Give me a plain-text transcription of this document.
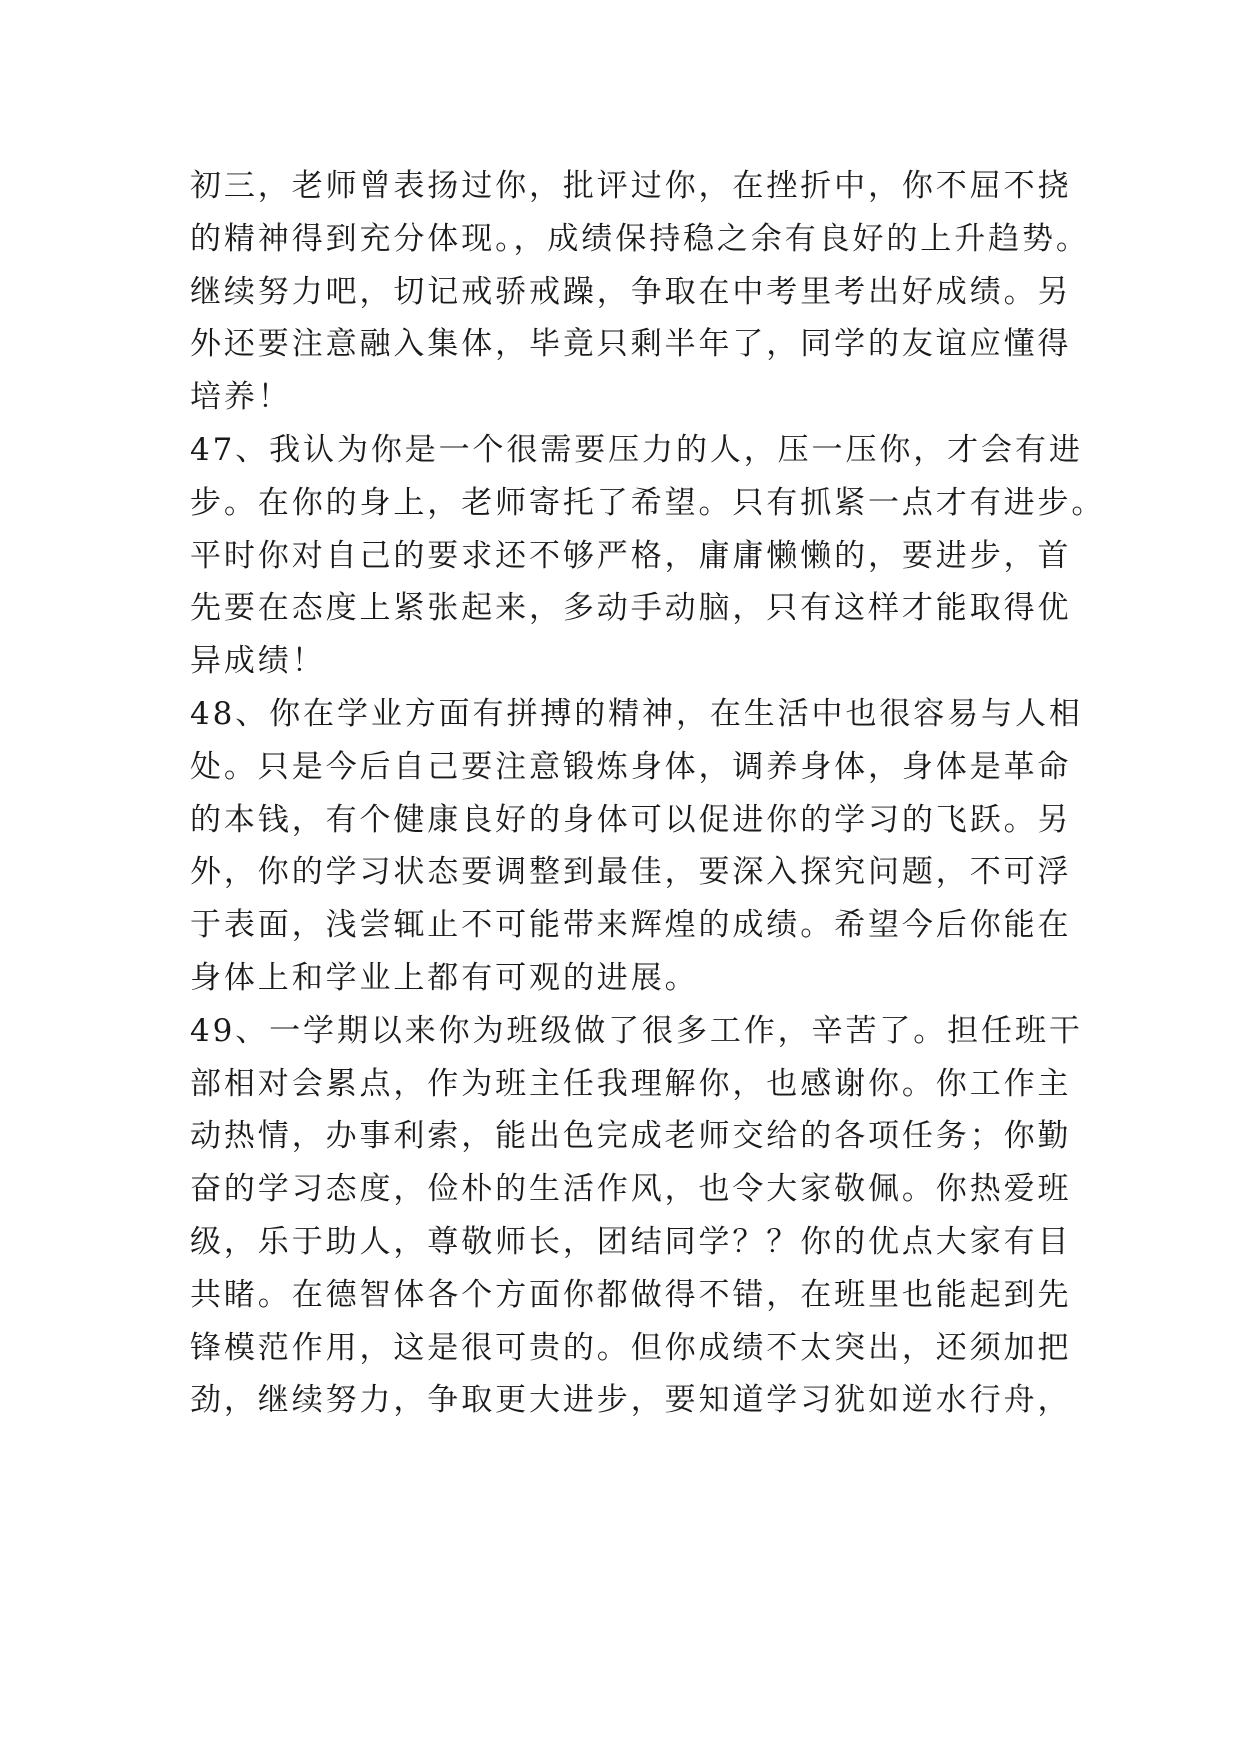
初三，老师曾表扬过你，批评过你，在挫折中，你不屈不挠
的精神得到充分体现。，成绩保持稳之余有良好的上升趋势。
继续努力吧，切记戒骄戒躁，争取在中考里考出好成绩。另
外还要注意融入集体，毕竟只剩半年了，同学的友谊应懂得
培养！
47、我认为你是一个很需要压力的人，压一压你，才会有进
步。在你的身上，老师寄托了希望。只有抓紧一点才有进步。
平时你对自己的要求还不够严格，庸庸懒懒的，要进步，首
先要在态度上紧张起来，多动手动脑，只有这样才能取得优
异成绩！
48、你在学业方面有拼搏的精神，在生活中也很容易与人相
处。只是今后自己要注意锻炼身体，调养身体，身体是革命
的本钱，有个健康良好的身体可以促进你的学习的飞跃。另
外，你的学习状态要调整到最佳，要深入探究问题，不可浮
于表面，浅尝辄止不可能带来辉煌的成绩。希望今后你能在
身体上和学业上都有可观的进展。
49、一学期以来你为班级做了很多工作，辛苦了。担任班干
部相对会累点，作为班主任我理解你，也感谢你。你工作主
动热情，办事利索，能出色完成老师交给的各项任务；你勤
奋的学习态度，俭朴的生活作风，也令大家敬佩。你热爱班
级，乐于助人，尊敬师长，团结同学？？你的优点大家有目
共睹。在德智体各个方面你都做得不错，在班里也能起到先
锋模范作用，这是很可贵的。但你成绩不太突出，还须加把
劲，继续努力，争取更大进步，要知道学习犹如逆水行舟，
